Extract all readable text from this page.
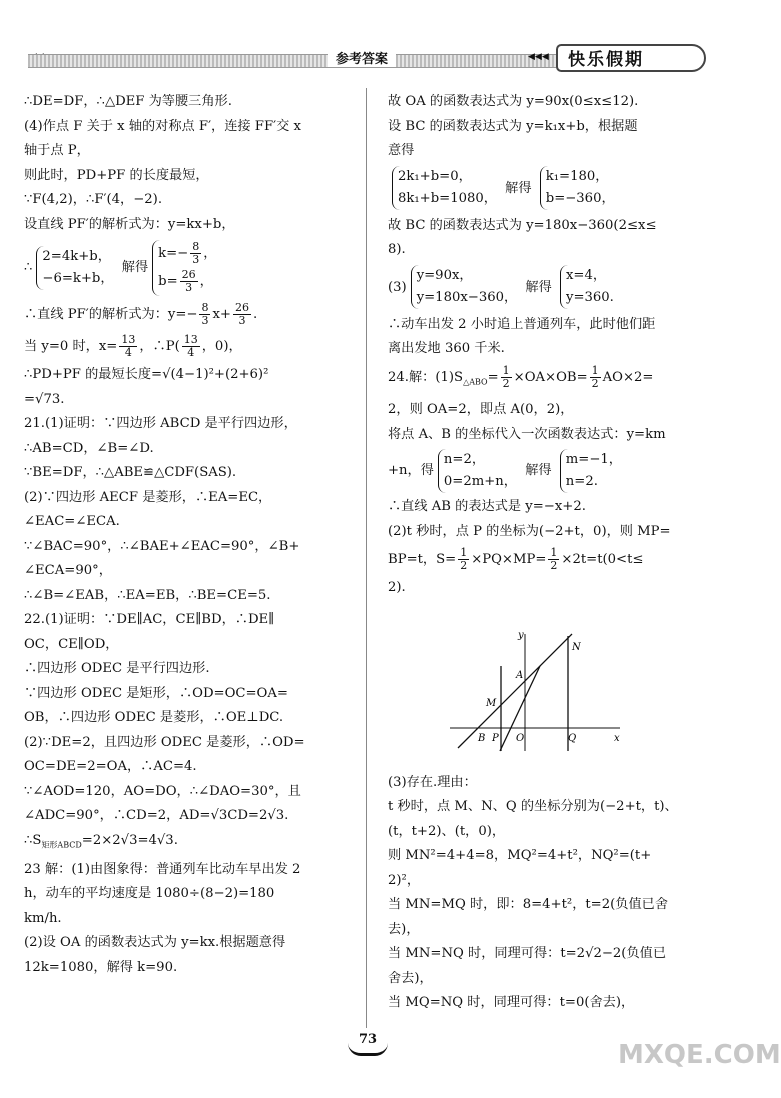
参考答案	◀◀◀	快乐假期
∴DE=DF，∴△DEF 为等腰三角形.
(4)作点 F 关于 x 轴的对称点 F′，连接 FF′交 x
轴于点 P，
则此时，PD+PF 的长度最短，
∵F(4,2)，∴F′(4，−2).
设直线 PF′的解析式为：y=kx+b，
∴
2=4k+b，
−6=k+b，
解得
$k=- \frac{8}{3}$ ，
$b= \frac{26}{3}$ ，
∴直线 PF′的解析式为：$y=- \frac{8}{3} x+ \frac{26}{3}$ .
当 y=0 时，$x= \frac{13}{4}$ ，∴P( $\frac{13}{4}$ ，0)，
∴PD+PF 的最短长度=√(4−1)²+(2+6)²
=√73.
21.(1)证明：∵四边形 ABCD 是平行四边形，
∴AB=CD，∠B=∠D.
∵BE=DF，∴△ABE≌△CDF(SAS).
(2)∵四边形 AECF 是菱形，∴EA=EC，
∠EAC=∠ECA.
∵∠BAC=90°，∴∠BAE+∠EAC=90°，∠B+
∠ECA=90°，
∴∠B=∠EAB，∴EA=EB，∴BE=CE=5.
22.(1)证明：∵DE∥AC，CE∥BD，∴DE∥
OC，CE∥OD，
∴四边形 ODEC 是平行四边形.
∵四边形 ODEC 是矩形，∴OD=OC=OA=
OB，∴四边形 ODEC 是菱形，∴OE⊥DC.
(2)∵DE=2，且四边形 ODEC 是菱形，∴OD=
OC=DE=2=OA，∴AC=4.
∵∠AOD=120，AO=DO，∴∠DAO=30°，且
∠ADC=90°，∴CD=2，AD=√3CD=2√3.
$\therefore S_{矩形ABCD}=2\times 2√3=4√3$.
23 解：(1)由图象得：普通列车比动车早出发 2
h，动车的平均速度是 1080÷(8−2)=180
km/h.
(2)设 OA 的函数表达式为 y=kx.根据题意得
12k=1080，解得 k=90.
故 OA 的函数表达式为 y=90x(0≤x≤12).
设 BC 的函数表达式为 y=k₁x+b，根据题
意得
2k₁+b=0，
8k₁+b=1080，
解得
k₁=180，
b=−360，
故 BC 的函数表达式为 y=180x−360(2≤x≤
8).
(3)
y=90x，
y=180x−360，
解得
x=4，
y=360.
∴动车出发 2 小时追上普通列车，此时他们距
离出发地 360 千米.
24.解：$(1)S_{\triangle ABO}= \frac{1}{2} \times OA\times OB= \frac{1}{2} AO\times 2=$
2，则 OA=2，即点 A(0，2)，
将点 A、B 的坐标代入一次函数表达式：y=km
+n，得
n=2，
0=2m+n，
解得
m=−1，
n=2.
∴直线 AB 的表达式是 y=−x+2.
(2)t 秒时，点 P 的坐标为(−2+t，0)，则 MP=
BP=t，$S= \frac{1}{2} \times PQ\times MP= \frac{1}{2} \times 2t=t(0<t\le$
2).
(3)存在.理由：
t 秒时，点 M、N、Q 的坐标分别为(−2+t，t)、
(t，t+2)、(t，0)，
则 MN²=4+4=8，MQ²=4+t²，NQ²=(t+
2)²，
当 MN=MQ 时，即：8=4+t²，t=2(负值已舍
去)，
当 MN=NQ 时，同理可得：t=2√2−2(负值已
舍去)，
当 MQ=NQ 时，同理可得：t=0(舍去)，
y
N
A
M
B P O	Q	x
73
MXQE.COM
